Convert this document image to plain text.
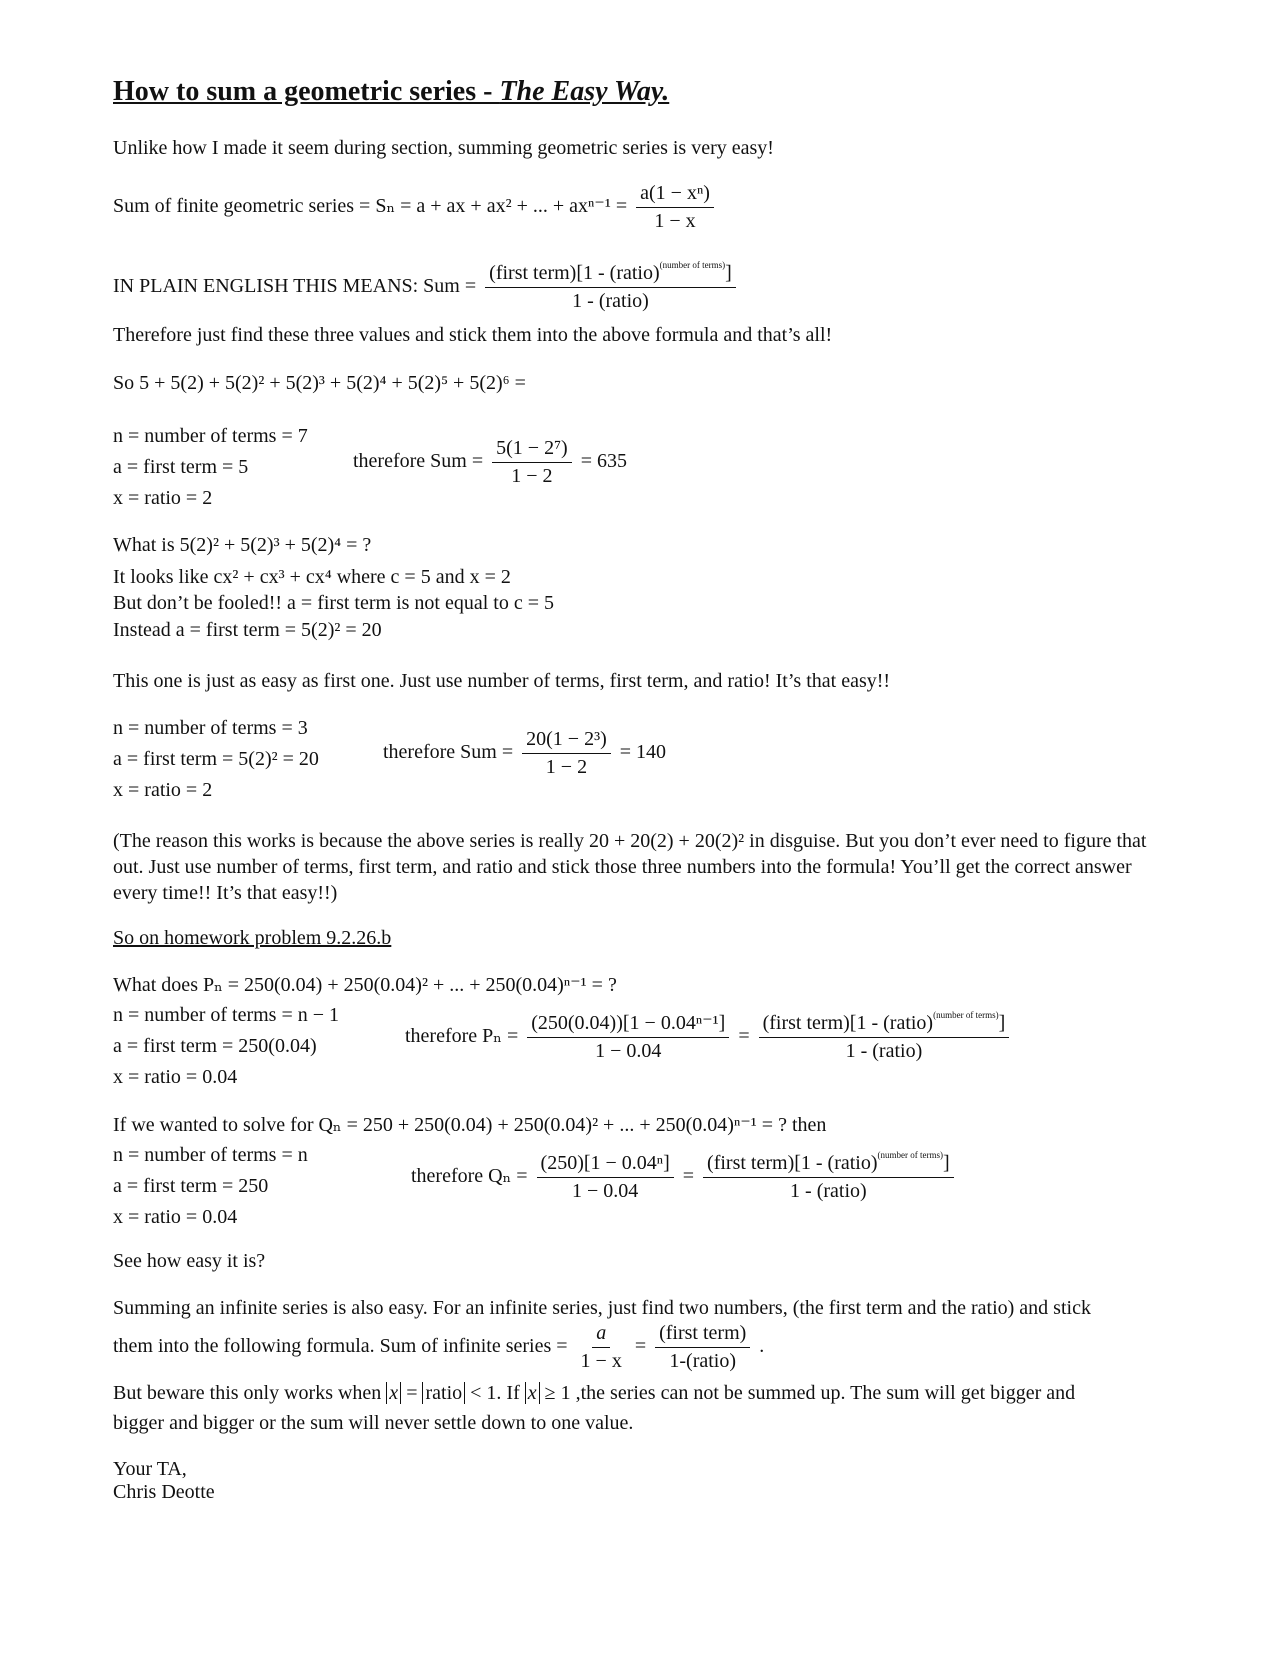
How to sum a geometric series - The Easy Way.
Unlike how I made it seem during section, summing geometric series is very easy!
Sum of finite geometric series = Sₙ = a + ax + ax² + ... + $ax^{n-1} = \frac{\text{a(1 − xⁿ)}}{1 - x}$
IN PLAIN ENGLISH THIS MEANS: Sum = $\frac{(first term)[1 - (ratio)^{(number of terms)}]}{\text{1 - (ratio)}}$
Therefore just find these three values and stick them into the above formula and that’s all!
So 5 + 5(2) + 5(2)² + 5(2)³ + 5(2)⁴ + 5(2)⁵ + 5(2)⁶ =
n = number of terms = 7
a = first term = 5
x = ratio = 2
therefore Sum = $\frac{\text{5(1 − 2⁷)}}{1 - 2} = 635$
What is 5(2)² + 5(2)³ + 5(2)⁴ = ?
It looks like cx² + cx³ + cx⁴ where c = 5 and x = 2
But don’t be fooled!! a = first term is not equal to c = 5
Instead a = first term = 5(2)² = 20
This one is just as easy as first one. Just use number of terms, first term, and ratio! It’s that easy!!
n = number of terms = 3
a = first term = 5(2)² = 20
x = ratio = 2
therefore Sum = $\frac{\text{20(1 − 2³)}}{1 - 2} = 140$
(The reason this works is because the above series is really 20 + 20(2) + 20(2)² in disguise. But you don’t ever need to figure that out. Just use number of terms, first term, and ratio and stick those three numbers into the formula! You’ll get the correct answer every time!! It’s that easy!!)
So on homework problem 9.2.26.b
What does Pₙ = 250(0.04) + 250(0.04)² + ... + 250(0.04)ⁿ⁻¹ = ?
n = number of terms = n − 1
a = first term = 250(0.04)
x = ratio = 0.04
therefore $P_n = \frac{\text{(250(0.04))[1 − 0.04ⁿ⁻¹]}}{1 - 0.04} = \frac{(first term)[1 - (ratio)^{(number of terms)}]}{\text{1 - (ratio)}}$
If we wanted to solve for Qₙ = 250 + 250(0.04) + 250(0.04)² + ... + 250(0.04)ⁿ⁻¹ = ? then
n = number of terms = n
a = first term = 250
x = ratio = 0.04
therefore $Q_n = \frac{\text{(250)[1 − 0.04ⁿ]}}{1 - 0.04} = \frac{(first term)[1 - (ratio)^{(number of terms)}]}{\text{1 - (ratio)}}$
See how easy it is?
Summing an infinite series is also easy. For an infinite series, just find two numbers, (the first term and the ratio) and stick
them into the following formula. Sum of infinite series = $\frac{a}{1 - x} = \frac{\text{(first term)}}{\text{1-(ratio)}}$ .
But beware this only works when x = ratio < 1. If x ≥ 1 ,the series can not be summed up. The sum will get bigger and
bigger and bigger or the sum will never settle down to one value.
Your TA,
Chris Deotte
